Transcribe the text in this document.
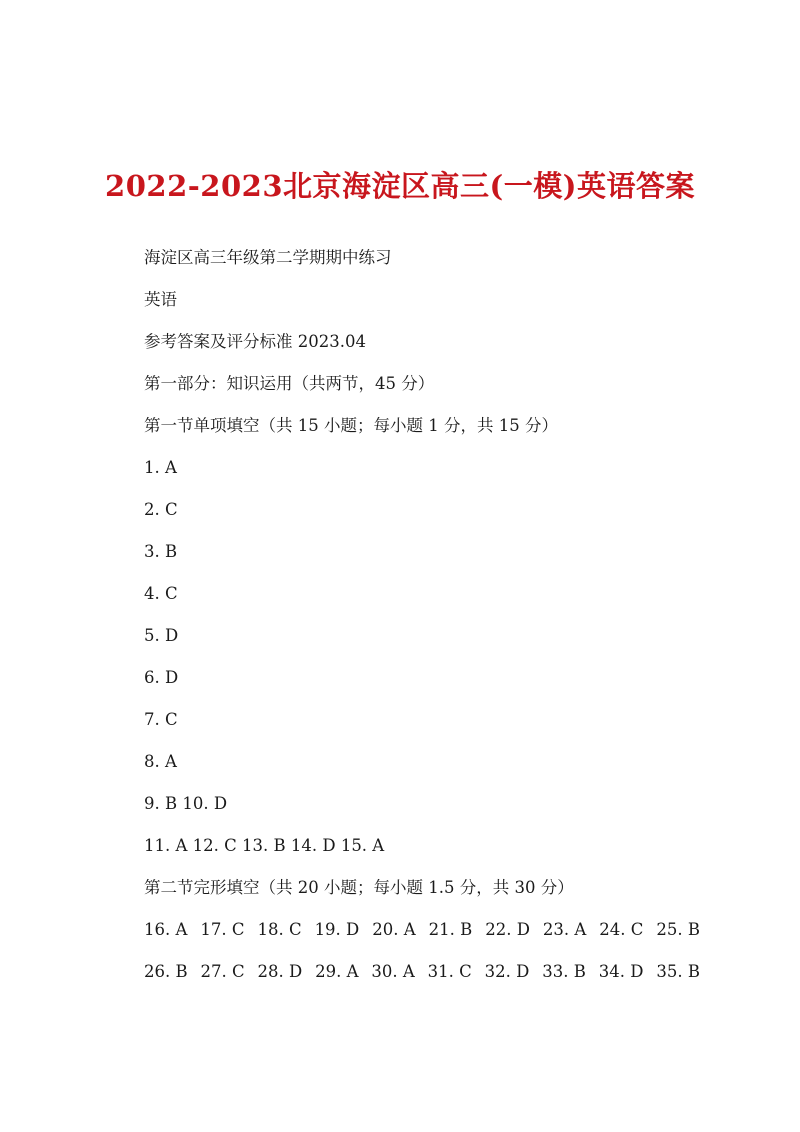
2022-2023北京海淀区高三(一模)英语答案
海淀区高三年级第二学期期中练习
英语
参考答案及评分标准 2023.04
第一部分：知识运用（共两节，45 分）
第一节单项填空（共 15 小题；每小题 1 分，共 15 分）
1. A
2. C
3. B
4. C
5. D
6. D
7. C
8. A
9. B 10. D
11. A 12. C 13. B 14. D 15. A
第二节完形填空（共 20 小题；每小题 1.5 分，共 30 分）
16. A 17. C 18. C 19. D 20. A 21. B 22. D 23. A 24. C 25. B
26. B 27. C 28. D 29. A 30. A 31. C 32. D 33. B 34. D 35. B
